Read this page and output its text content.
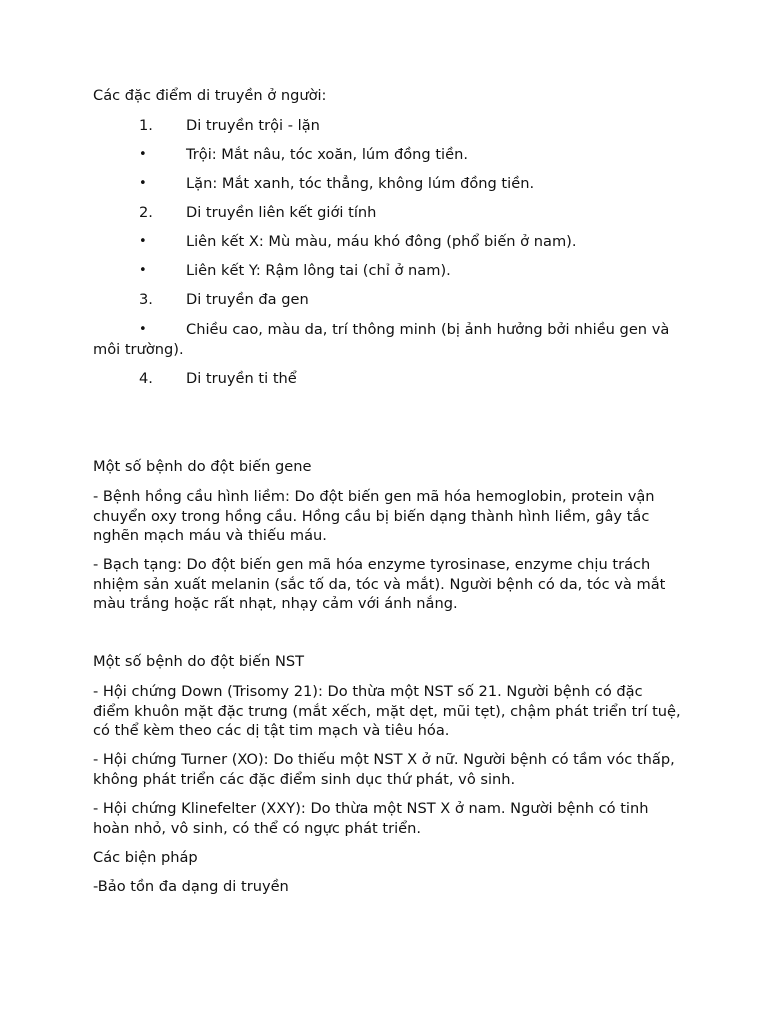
Các đặc điểm di truyền ở người:

1. Di truyền trội - lặn
•	Trội: Mắt nâu, tóc xoăn, lúm đồng tiền.
•	Lặn: Mắt xanh, tóc thẳng, không lúm đồng tiền.
2. Di truyền liên kết giới tính
•	Liên kết X: Mù màu, máu khó đông (phổ biến ở nam).
•	Liên kết Y: Rậm lông tai (chỉ ở nam).
3. Di truyền đa gen
•	Chiều cao, màu da, trí thông minh (bị ảnh hưởng bởi nhiều gen và môi trường).

4. Di truyền ti thể

Một số bệnh do đột biến gene

- Bệnh hồng cầu hình liềm: Do đột biến gen mã hóa hemoglobin, protein vận chuyển oxy trong hồng cầu. Hồng cầu bị biến dạng thành hình liềm, gây tắc nghẽn mạch máu và thiếu máu.

- Bạch tạng: Do đột biến gen mã hóa enzyme tyrosinase, enzyme chịu trách nhiệm sản xuất melanin (sắc tố da, tóc và mắt). Người bệnh có da, tóc và mắt màu trắng hoặc rất nhạt, nhạy cảm với ánh nắng.

Một số bệnh do đột biến NST

- Hội chứng Down (Trisomy 21): Do thừa một NST số 21. Người bệnh có đặc điểm khuôn mặt đặc trưng (mắt xếch, mặt dẹt, mũi tẹt), chậm phát triển trí tuệ, có thể kèm theo các dị tật tim mạch và tiêu hóa.

- Hội chứng Turner (XO): Do thiếu một NST X ở nữ. Người bệnh có tầm vóc thấp, không phát triển các đặc điểm sinh dục thứ phát, vô sinh.

- Hội chứng Klinefelter (XXY): Do thừa một NST X ở nam. Người bệnh có tinh hoàn nhỏ, vô sinh, có thể có ngực phát triển.

Các biện pháp

-Bảo tồn đa dạng di truyền
